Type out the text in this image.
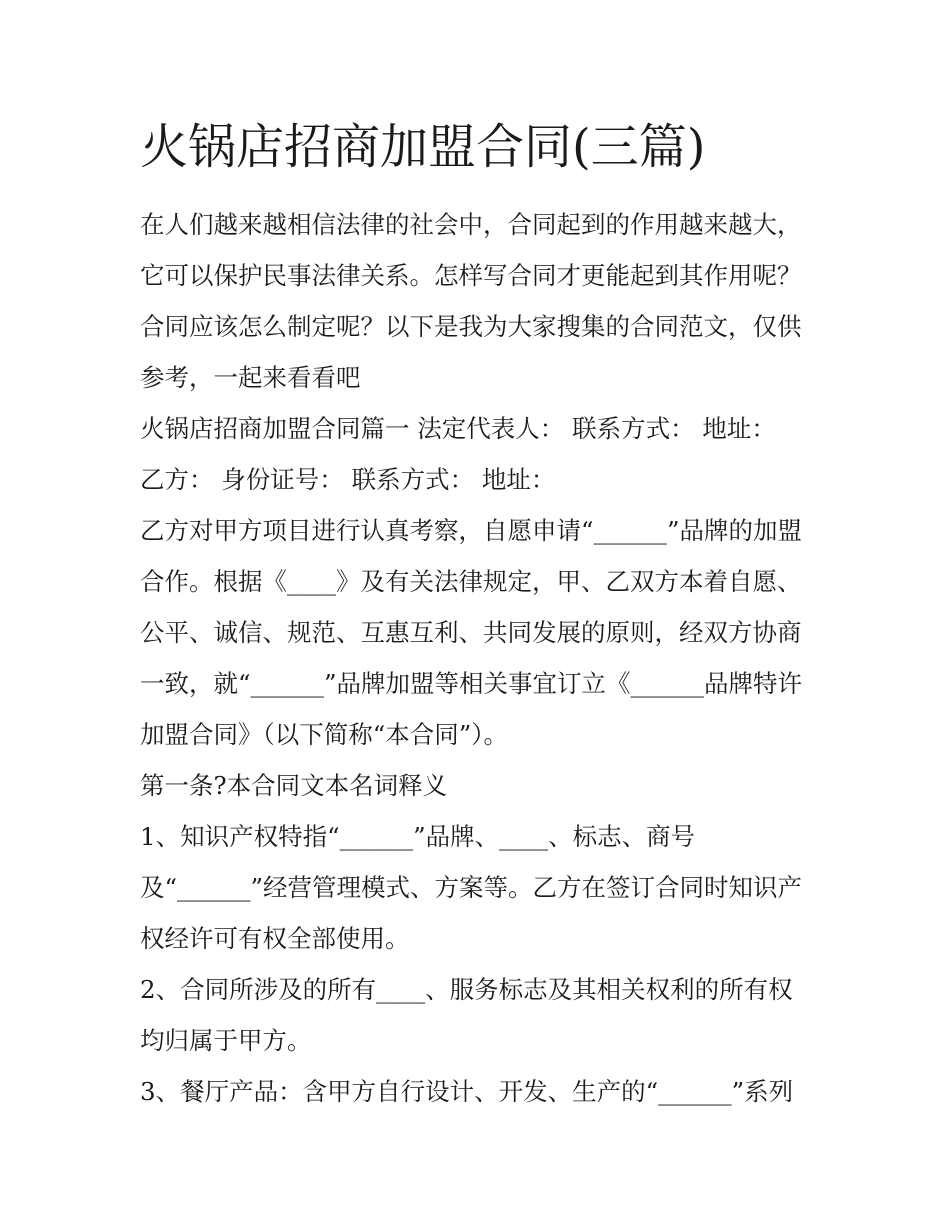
火锅店招商加盟合同(三篇)

在人们越来越相信法律的社会中，合同起到的作用越来越大，

它可以保护民事法律关系。怎样写合同才更能起到其作用呢？

合同应该怎么制定呢？以下是我为大家搜集的合同范文，仅供

参考，一起来看看吧

火锅店招商加盟合同篇一 法定代表人： 联系方式： 地址：

乙方： 身份证号： 联系方式： 地址：

乙方对甲方项目进行认真考察，自愿申请“______”品牌的加盟

合作。根据《____》及有关法律规定，甲、乙双方本着自愿、

公平、诚信、规范、互惠互利、共同发展的原则，经双方协商

一致，就“______”品牌加盟等相关事宜订立《______品牌特许

加盟合同》（以下简称“本合同”）。

第一条?本合同文本名词释义

1、知识产权特指“______”品牌、____、标志、商号

及“______”经营管理模式、方案等。乙方在签订合同时知识产

权经许可有权全部使用。

2、合同所涉及的所有____、服务标志及其相关权利的所有权

均归属于甲方。

3、餐厅产品：含甲方自行设计、开发、生产的“______”系列
